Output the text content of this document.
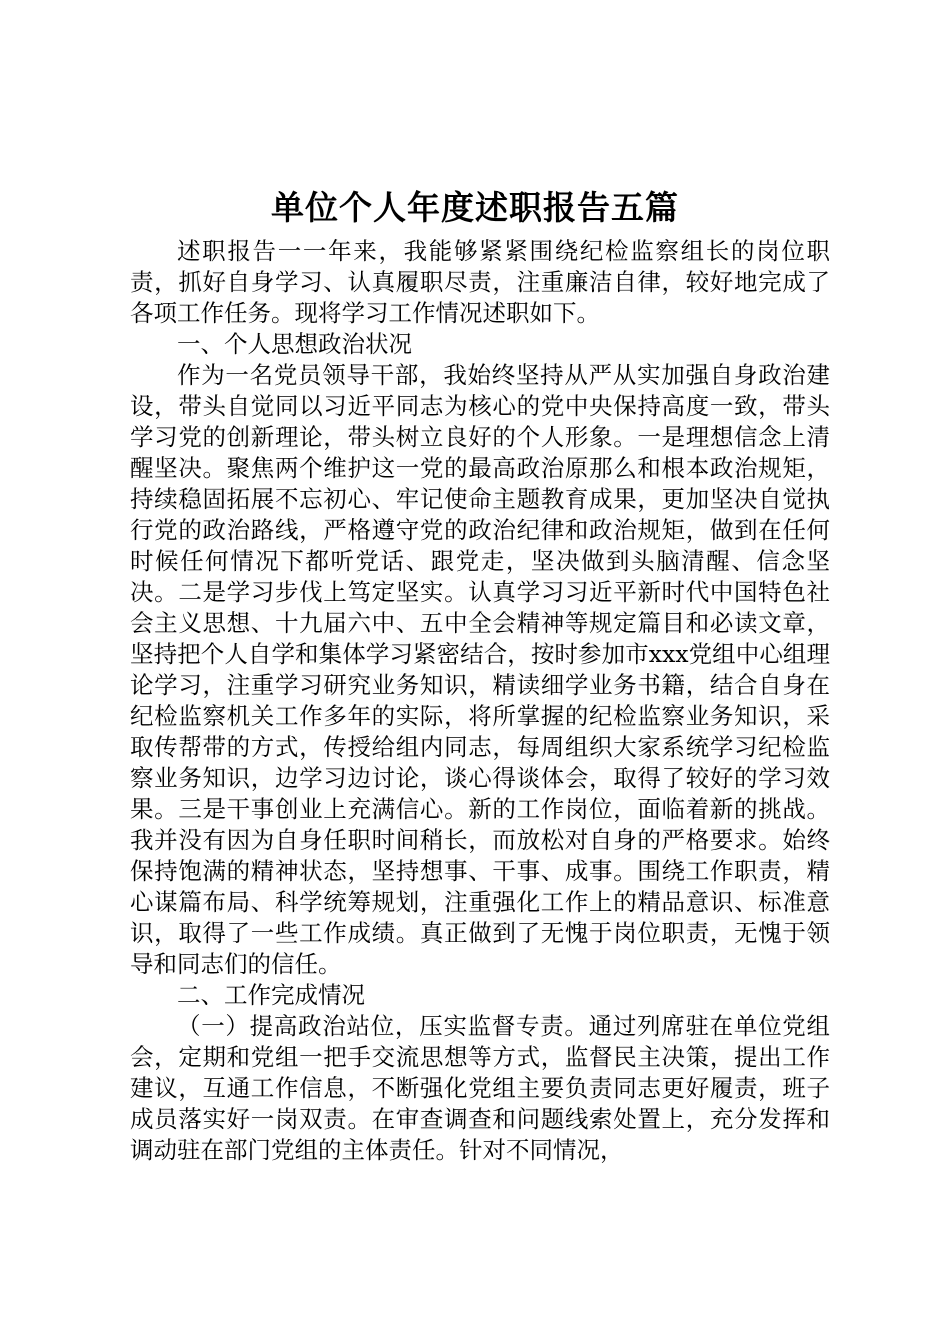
单位个人年度述职报告五篇

述职报告一一年来，我能够紧紧围绕纪检监察组长的岗位职责，抓好自身学习、认真履职尽责，注重廉洁自律，较好地完成了各项工作任务。现将学习工作情况述职如下。

一、个人思想政治状况

作为一名党员领导干部，我始终坚持从严从实加强自身政治建设，带头自觉同以习近平同志为核心的党中央保持高度一致，带头学习党的创新理论，带头树立良好的个人形象。一是理想信念上清醒坚决。聚焦两个维护这一党的最高政治原那么和根本政治规矩，持续稳固拓展不忘初心、牢记使命主题教育成果，更加坚决自觉执行党的政治路线，严格遵守党的政治纪律和政治规矩，做到在任何时候任何情况下都听党话、跟党走，坚决做到头脑清醒、信念坚决。二是学习步伐上笃定坚实。认真学习习近平新时代中国特色社会主义思想、十九届六中、五中全会精神等规定篇目和必读文章，坚持把个人自学和集体学习紧密结合，按时参加市xxx党组中心组理论学习，注重学习研究业务知识，精读细学业务书籍，结合自身在纪检监察机关工作多年的实际，将所掌握的纪检监察业务知识，采取传帮带的方式，传授给组内同志，每周组织大家系统学习纪检监察业务知识，边学习边讨论，谈心得谈体会，取得了较好的学习效果。三是干事创业上充满信心。新的工作岗位，面临着新的挑战。我并没有因为自身任职时间稍长，而放松对自身的严格要求。始终保持饱满的精神状态，坚持想事、干事、成事。围绕工作职责，精心谋篇布局、科学统筹规划，注重强化工作上的精品意识、标准意识，取得了一些工作成绩。真正做到了无愧于岗位职责，无愧于领导和同志们的信任。

二、工作完成情况

（一）提高政治站位，压实监督专责。通过列席驻在单位党组会，定期和党组一把手交流思想等方式，监督民主决策，提出工作建议，互通工作信息，不断强化党组主要负责同志更好履责，班子成员落实好一岗双责。在审查调查和问题线索处置上，充分发挥和调动驻在部门党组的主体责任。针对不同情况，
